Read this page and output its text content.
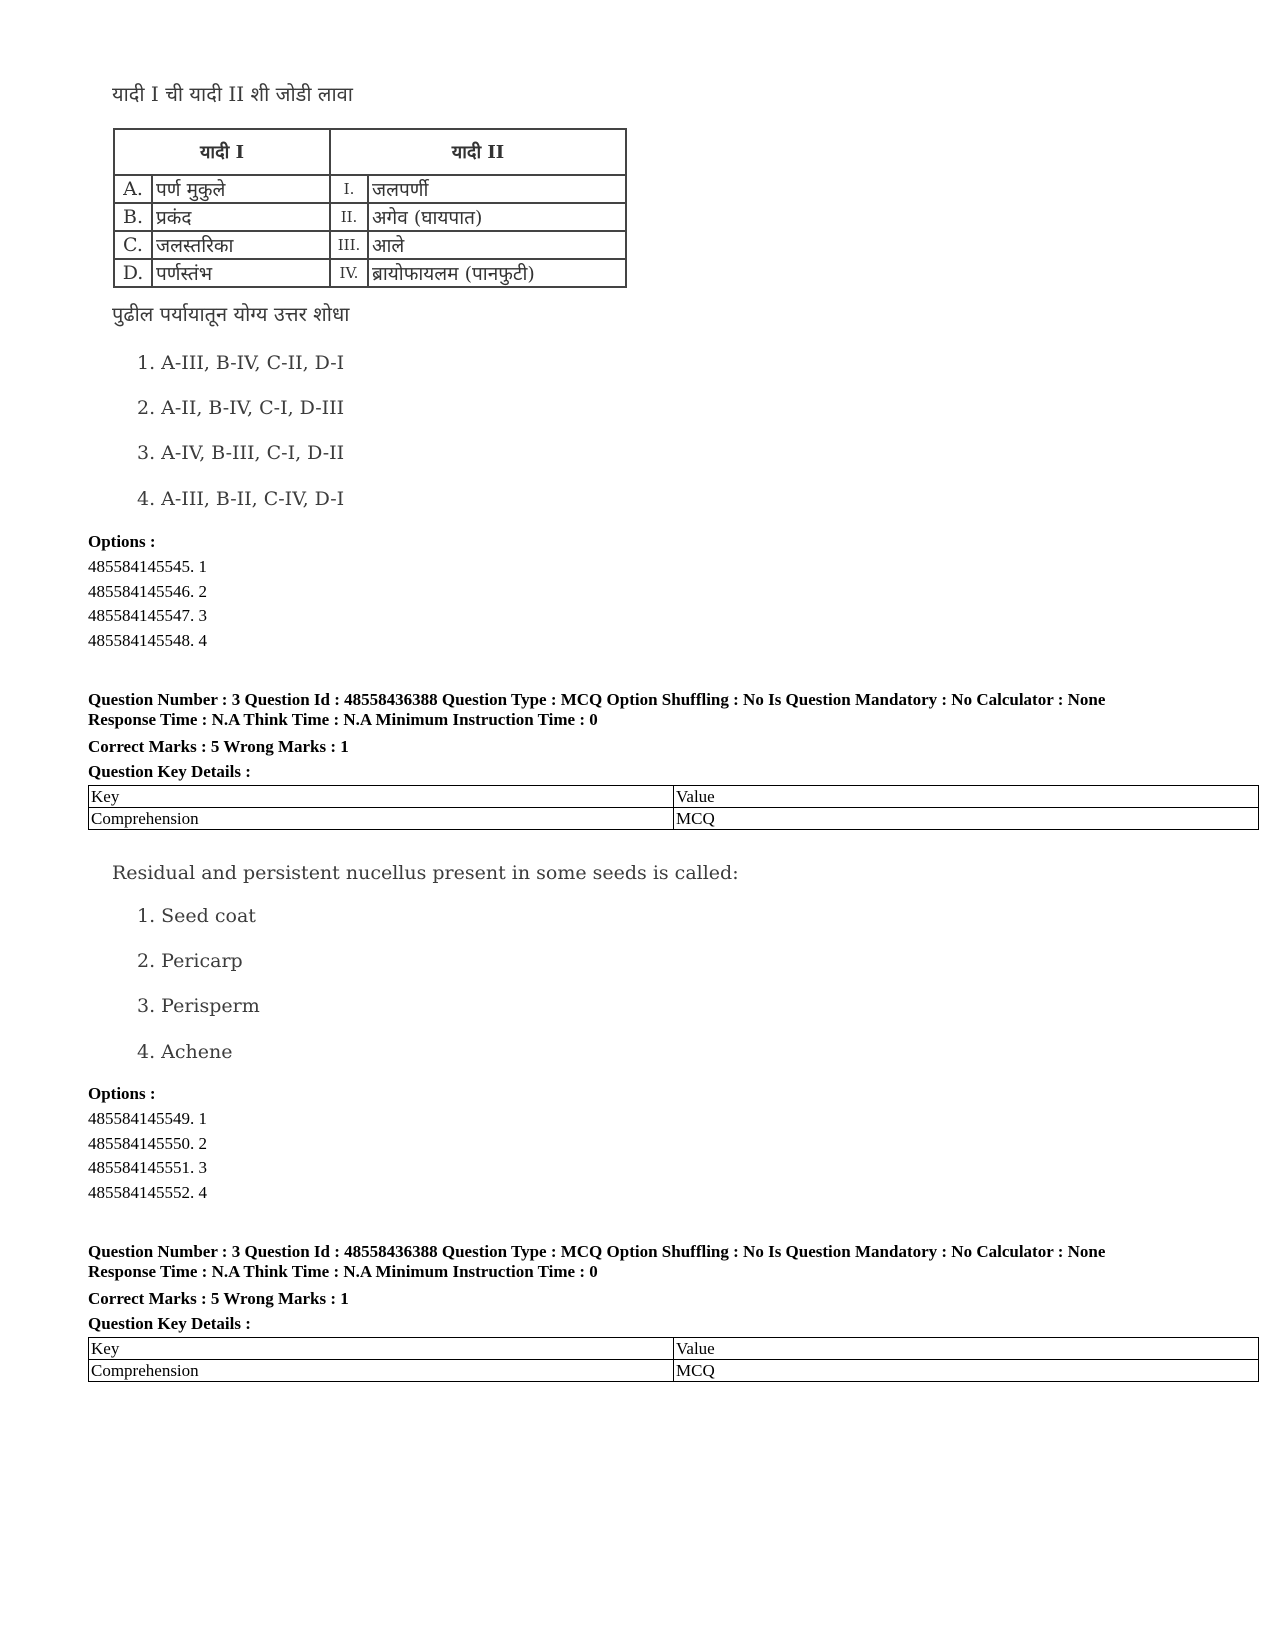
यादी I ची यादी II शी जोडी लावा
यादी I		यादी II	
A.	पर्ण मुकुले	I.	जलपर्णी
B.	प्रकंद	II.	अगेव (घायपात)
C.	जलस्तरिका	III.	आले
D.	पर्णस्तंभ	IV.	ब्रायोफायलम (पानफुटी)
पुढील पर्यायातून योग्य उत्तर शोधा
1. A-III, B-IV, C-II, D-I
2. A-II, B-IV, C-I, D-III
3. A-IV, B-III, C-I, D-II
4. A-III, B-II, C-IV, D-I
Options :
485584145545. 1
485584145546. 2
485584145547. 3
485584145548. 4
Question Number : 3 Question Id : 48558436388 Question Type : MCQ Option Shuffling : No Is Question Mandatory : No Calculator : None
Response Time : N.A Think Time : N.A Minimum Instruction Time : 0
Correct Marks : 5 Wrong Marks : 1
Question Key Details :
Key	Value
Comprehension	MCQ
Residual and persistent nucellus present in some seeds is called:
1. Seed coat
2. Pericarp
3. Perisperm
4. Achene
Options :
485584145549. 1
485584145550. 2
485584145551. 3
485584145552. 4
Question Number : 3 Question Id : 48558436388 Question Type : MCQ Option Shuffling : No Is Question Mandatory : No Calculator : None
Response Time : N.A Think Time : N.A Minimum Instruction Time : 0
Correct Marks : 5 Wrong Marks : 1
Question Key Details :
Key	Value
Comprehension	MCQ
